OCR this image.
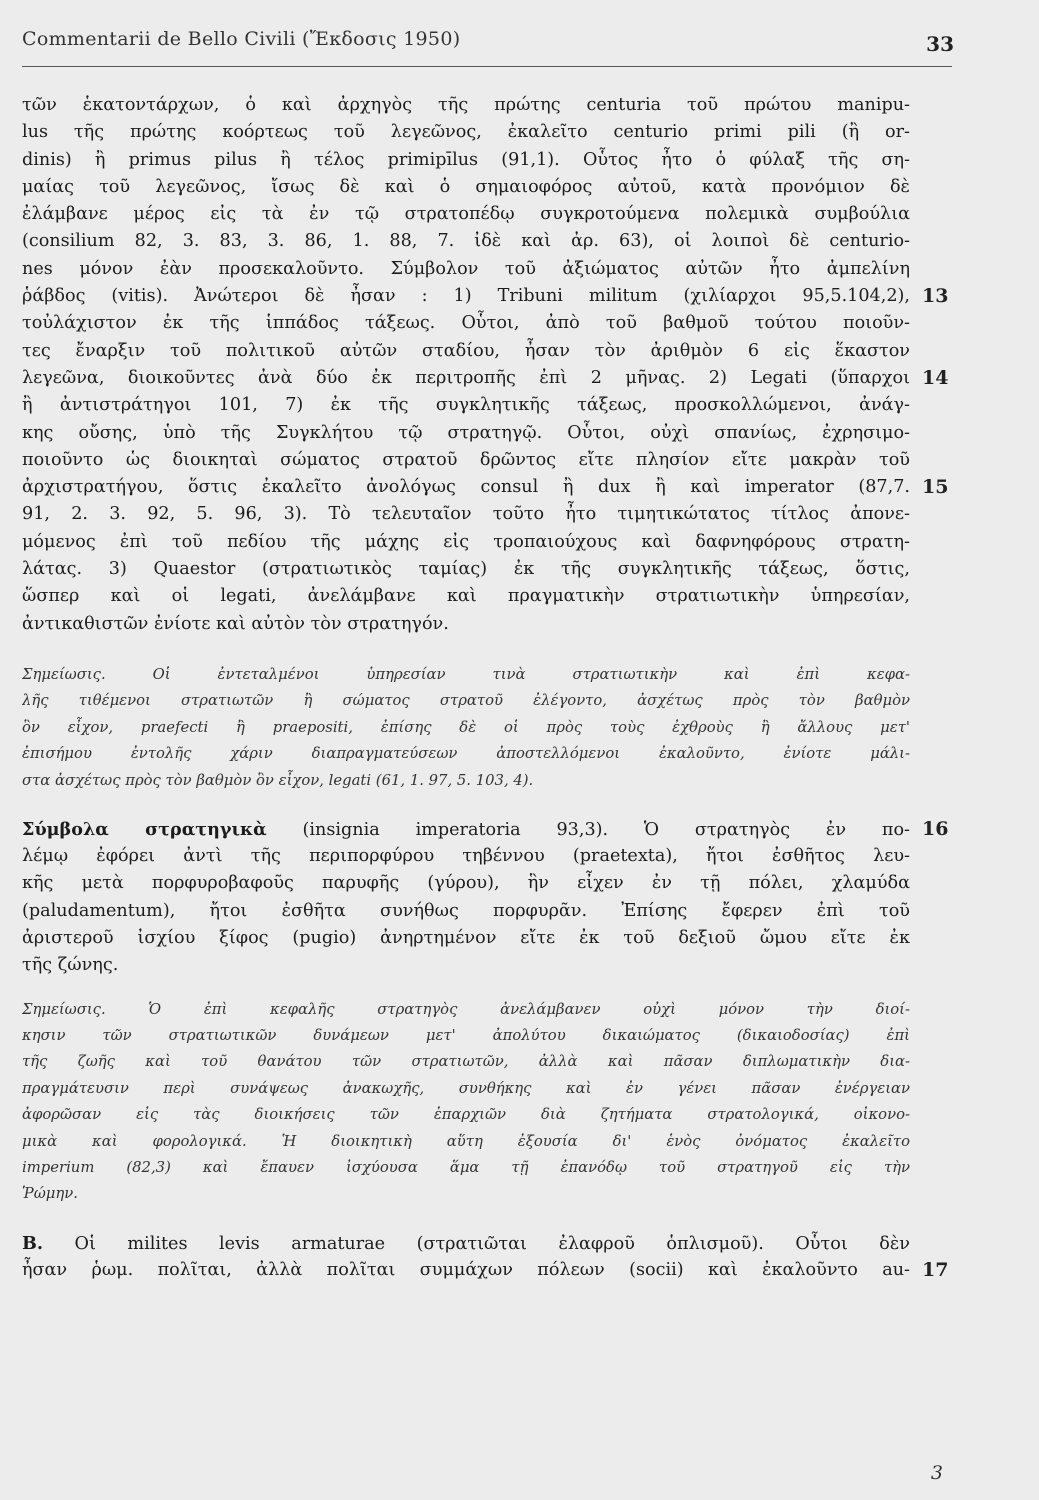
Commentarii de Bello Civili (Ἔκδοσις 1950)	33
τῶν ἑκατοντάρχων, ὁ καὶ ἀρχηγὸς τῆς πρώτης centuria τοῦ πρώτου manipu-
lus τῆς πρώτης κοόρτεως τοῦ λεγεῶνος, ἐκαλεῖτο centurio primi pili (ἢ or-
dinis) ἢ primus pilus ἢ τέλος primipīlus (91,1). Οὗτος ἦτο ὁ φύλαξ τῆς ση-
μαίας τοῦ λεγεῶνος, ἴσως δὲ καὶ ὁ σημαιοφόρος αὐτοῦ, κατὰ προνόμιον δὲ
ἐλάμβανε μέρος εἰς τὰ ἐν τῷ στρατοπέδῳ συγκροτούμενα πολεμικὰ συμβούλια
(consilium 82, 3. 83, 3. 86, 1. 88, 7. ἰδὲ καὶ ἀρ. 63), οἱ λοιποὶ δὲ centurio-
nes μόνον ἐὰν προσεκαλοῦντο. Σύμβολον τοῦ ἀξιώματος αὐτῶν ἦτο ἀμπελίνη
ῥάβδος (vitis). Ἀνώτεροι δὲ ἦσαν : 1) Tribuni militum (χιλίαρχοι 95,5.104,2),
τοὐλάχιστον ἐκ τῆς ἱππάδος τάξεως. Οὗτοι, ἀπὸ τοῦ βαθμοῦ τούτου ποιοῦν-
τες ἔναρξιν τοῦ πολιτικοῦ αὐτῶν σταδίου, ἦσαν τὸν ἀριθμὸν 6 εἰς ἕκαστον
λεγεῶνα, διοικοῦντες ἀνὰ δύο ἐκ περιτροπῆς ἐπὶ 2 μῆνας. 2) Legati (ὕπαρχοι
ἢ ἀντιστράτηγοι 101, 7) ἐκ τῆς συγκλητικῆς τάξεως, προσκολλώμενοι, ἀνάγ-
κης οὔσης, ὑπὸ τῆς Συγκλήτου τῷ στρατηγῷ. Οὗτοι, οὐχὶ σπανίως, ἐχρησιμο-
ποιοῦντο ὡς διοικηταὶ σώματος στρατοῦ δρῶντος εἴτε πλησίον εἴτε μακρὰν τοῦ
ἀρχιστρατήγου, ὅστις ἐκαλεῖτο ἀνολόγως consul ἢ dux ἢ καὶ imperator (87,7.
91, 2. 3. 92, 5. 96, 3). Τὸ τελευταῖον τοῦτο ἦτο τιμητικώτατος τίτλος ἀπονε-
μόμενος ἐπὶ τοῦ πεδίου τῆς μάχης εἰς τροπαιούχους καὶ δαφνηφόρους στρατη-
λάτας. 3) Quaestor (στρατιωτικὸς ταμίας) ἐκ τῆς συγκλητικῆς τάξεως, ὅστις,
ὥσπερ καὶ οἱ legati, ἀνελάμβανε καὶ πραγματικὴν στρατιωτικὴν ὑπηρεσίαν,
ἀντικαθιστῶν ἐνίοτε καὶ αὐτὸν τὸν στρατηγόν.
Σημείωσις. Οἱ ἐντεταλμένοι ὑπηρεσίαν τινὰ στρατιωτικὴν καὶ ἐπὶ κεφα-
λῆς τιθέμενοι στρατιωτῶν ἢ σώματος στρατοῦ ἐλέγοντο, ἀσχέτως πρὸς τὸν βαθμὸν
ὃν εἶχον, praefecti ἢ praepositi, ἐπίσης δὲ οἱ πρὸς τοὺς ἐχθροὺς ἢ ἄλλους μετ'
ἐπισήμου ἐντολῆς χάριν διαπραγματεύσεων ἀποστελλόμενοι ἐκαλοῦντο, ἐνίοτε μάλι-
στα ἀσχέτως πρὸς τὸν βαθμὸν ὃν εἶχον, legati (61, 1. 97, 5. 103, 4).
Σύμβολα στρατηγικὰ (insignia imperatoria 93,3). Ὁ στρατηγὸς ἐν πο-
λέμῳ ἐφόρει ἀντὶ τῆς περιπορφύρου τηβέννου (praetexta), ἤτοι ἐσθῆτος λευ-
κῆς μετὰ πορφυροβαφοῦς παρυφῆς (γύρου), ἣν εἶχεν ἐν τῇ πόλει, χλαμύδα
(paludamentum), ἤτοι ἐσθῆτα συνήθως πορφυρᾶν. Ἐπίσης ἔφερεν ἐπὶ τοῦ
ἀριστεροῦ ἰσχίου ξίφος (pugio) ἀνηρτημένον εἴτε ἐκ τοῦ δεξιοῦ ὤμου εἴτε ἐκ
τῆς ζώνης.
Σημείωσις. Ὁ ἐπὶ κεφαλῆς στρατηγὸς ἀνελάμβανεν οὐχὶ μόνον τὴν διοί-
κησιν τῶν στρατιωτικῶν δυνάμεων μετ' ἀπολύτου δικαιώματος (δικαιοδοσίας) ἐπὶ
τῆς ζωῆς καὶ τοῦ θανάτου τῶν στρατιωτῶν, ἀλλὰ καὶ πᾶσαν διπλωματικὴν δια-
πραγμάτευσιν περὶ συνάψεως ἀνακωχῆς, συνθήκης καὶ ἐν γένει πᾶσαν ἐνέργειαν
ἀφορῶσαν εἰς τὰς διοικήσεις τῶν ἐπαρχιῶν διὰ ζητήματα στρατολογικά, οἰκονο-
μικὰ καὶ φορολογικά. Ἡ διοικητικὴ αὕτη ἐξουσία δι' ἑνὸς ὀνόματος ἐκαλεῖτο
imperium (82,3) καὶ ἔπαυεν ἰσχύουσα ἅμα τῇ ἐπανόδῳ τοῦ στρατηγοῦ εἰς τὴν
Ῥώμην.
B. Οἱ milites levis armaturae (στρατιῶται ἐλαφροῦ ὁπλισμοῦ). Οὗτοι δὲν
ἦσαν ῥωμ. πολῖται, ἀλλὰ πολῖται συμμάχων πόλεων (socii) καὶ ἐκαλοῦντο au-
13
14
15
16
17
3
